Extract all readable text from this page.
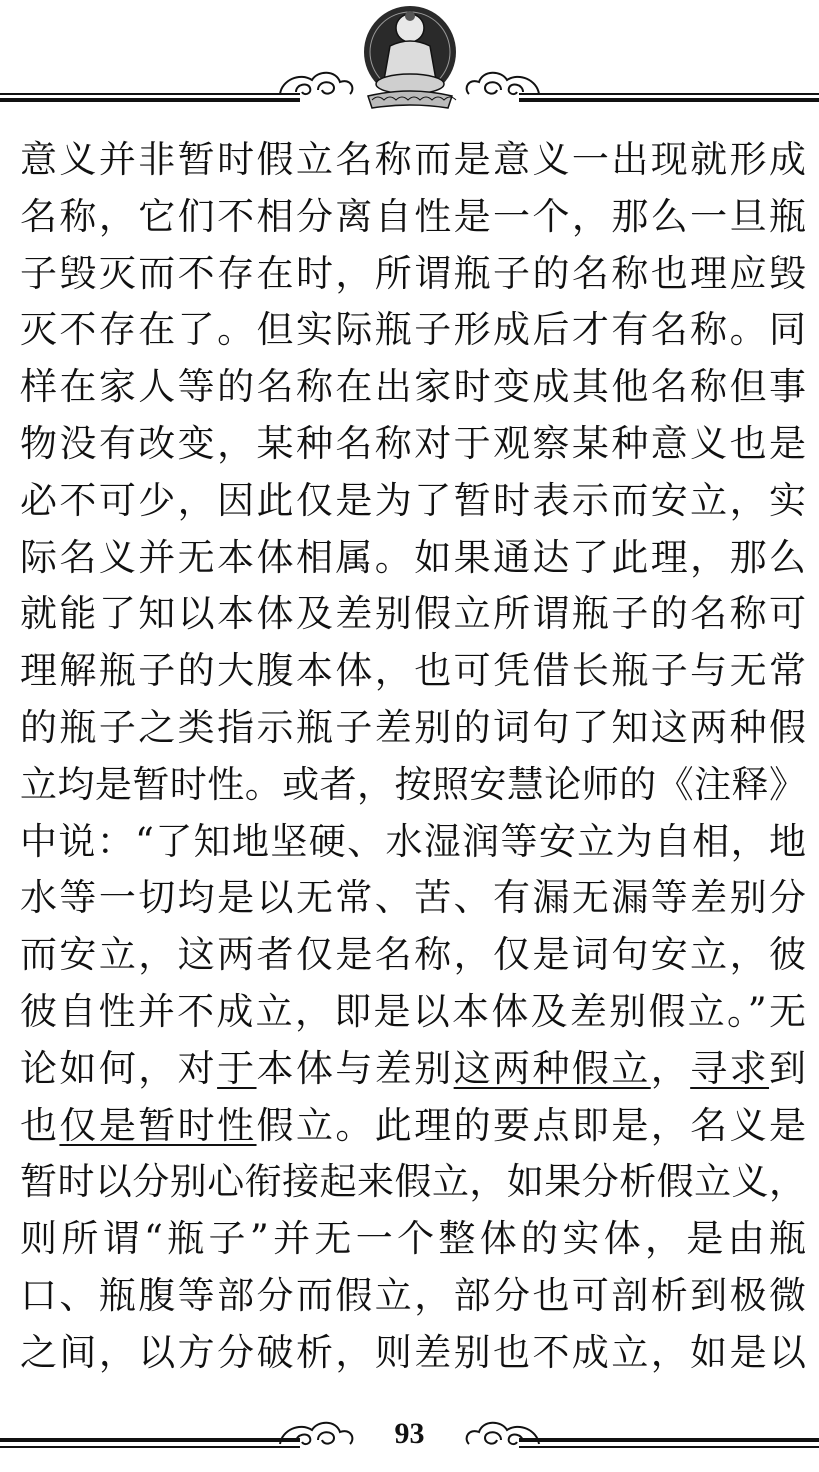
意义并非暂时假立名称而是意义一出现就形成
名称，它们不相分离自性是一个，那么一旦瓶
子毁灭而不存在时，所谓瓶子的名称也理应毁
灭不存在了。但实际瓶子形成后才有名称。同
样在家人等的名称在出家时变成其他名称但事
物没有改变，某种名称对于观察某种意义也是
必不可少，因此仅是为了暂时表示而安立，实
际名义并无本体相属。如果通达了此理，那么
就能了知以本体及差别假立所谓瓶子的名称可
理解瓶子的大腹本体，也可凭借长瓶子与无常
的瓶子之类指示瓶子差别的词句了知这两种假
立均是暂时性。或者，按照安慧论师的《注释》
中说：“了知地坚硬、水湿润等安立为自相，地
水等一切均是以无常、苦、有漏无漏等差别分
而安立，这两者仅是名称，仅是词句安立，彼
彼自性并不成立，即是以本体及差别假立。”无
论如何，对于本体与差别这两种假立，寻求到
也仅是暂时性假立。此理的要点即是，名义是
暂时以分别心衔接起来假立，如果分析假立义，
则所谓“瓶子”并无一个整体的实体，是由瓶
口、瓶腹等部分而假立，部分也可剖析到极微
之间，以方分破析，则差别也不成立，如是以
93
